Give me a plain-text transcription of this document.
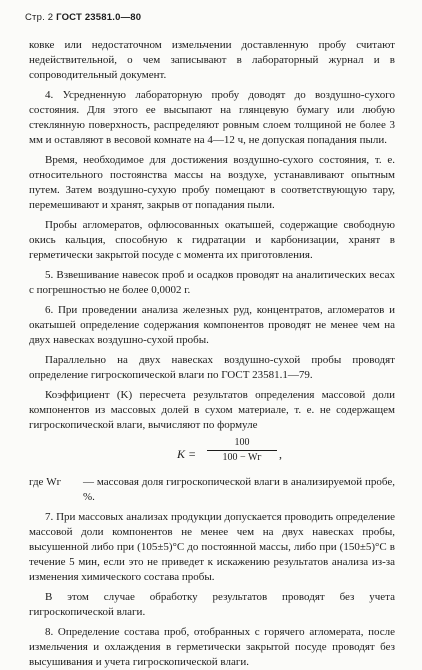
Стр. 2 ГОСТ 23581.0—80

ковке или недостаточном измельчении доставленную пробу считают недействительной, о чем записывают в лабораторный журнал и в сопроводительный документ.

4. Усредненную лабораторную пробу доводят до воздушно-сухого состояния. Для этого ее высыпают на глянцевую бумагу или любую стеклянную поверхность, распределяют ровным слоем толщиной не более 3 мм и оставляют в весовой комнате на 4—12 ч, не допуская попадания пыли.

Время, необходимое для достижения воздушно-сухого состояния, т. е. относительного постоянства массы на воздухе, устанавливают опытным путем. Затем воздушно-сухую пробу помещают в соответствующую тару, перемешивают и хранят, закрыв от попадания пыли.

Пробы агломератов, офлюсованных окатышей, содержащие свободную окись кальция, способную к гидратации и карбонизации, хранят в герметически закрытой посуде с момента их приготовления.

5. Взвешивание навесок проб и осадков проводят на аналитических весах с погрешностью не более 0,0002 г.

6. При проведении анализа железных руд, концентратов, агломератов и окатышей определение содержания компонентов проводят не менее чем на двух навесках воздушно-сухой пробы.

Параллельно на двух навесках воздушно-сухой пробы проводят определение гигроскопической влаги по ГОСТ 23581.1—79.

Коэффициент (K) пересчета результатов определения массовой доли компонентов из массовых долей в сухом материале, т. е. не содержащем гигроскопической влаги, вычисляют по формуле

K =
100
100 − Wг	,
где Wг	— массовая доля гигроскопической влаги в анализируемой пробе, %.

7. При массовых анализах продукции допускается проводить определение массовой доли компонентов не менее чем на двух навесках пробы, высушенной либо при (105±5)°С до постоянной массы, либо при (150±5)°С в течение 5 мин, если это не приведет к искажению результатов анализа из-за изменения химического состава пробы.

В этом случае обработку результатов проводят без учета гигроскопической влаги.

8. Определение состава проб, отобранных с горячего агломерата, после измельчения и охлаждения в герметически закрытой посуде проводят без высушивания и учета гигроскопической влаги.
